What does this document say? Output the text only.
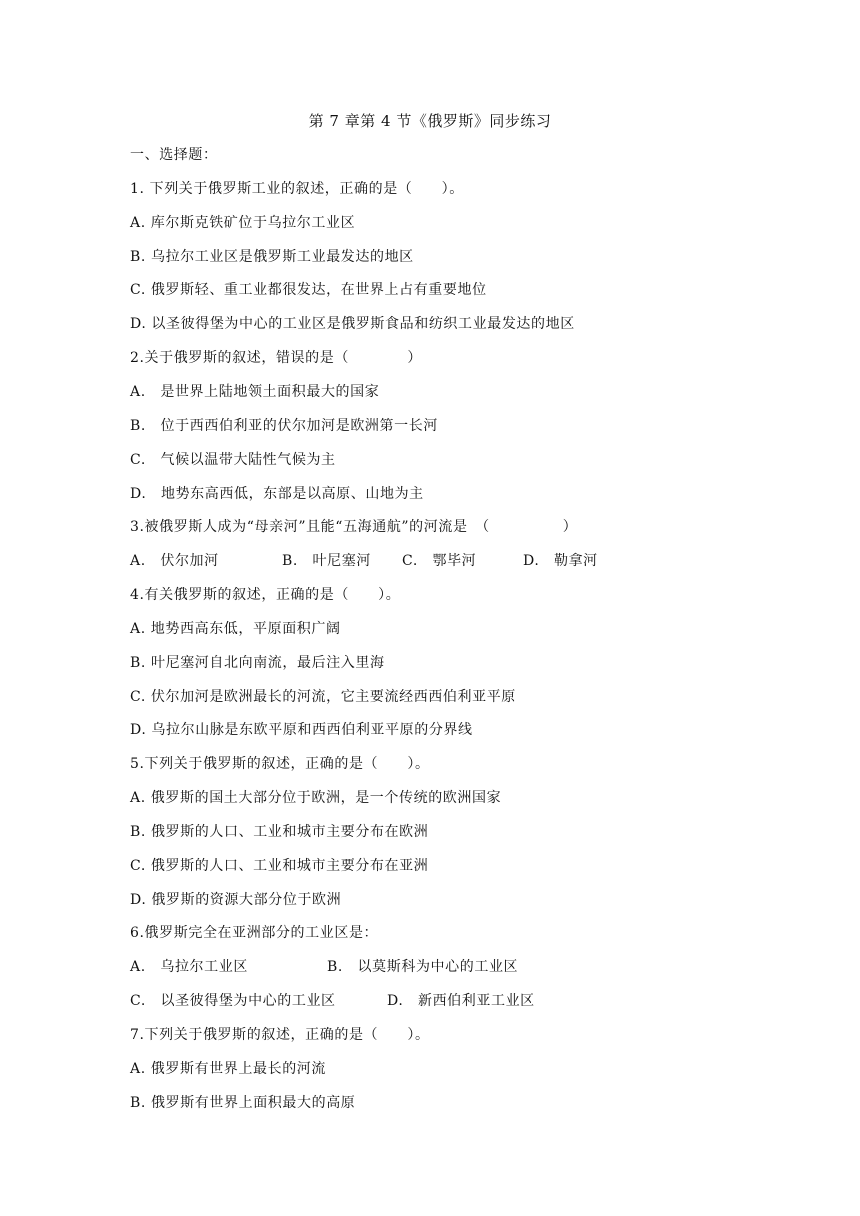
第 7 章第 4 节《俄罗斯》同步练习
一、选择题：
1. 下列关于俄罗斯工业的叙述，正确的是（　　）。
A. 库尔斯克铁矿位于乌拉尔工业区
B. 乌拉尔工业区是俄罗斯工业最发达的地区
C. 俄罗斯轻、重工业都很发达，在世界上占有重要地位
D. 以圣彼得堡为中心的工业区是俄罗斯食品和纺织工业最发达的地区
2.关于俄罗斯的叙述，错误的是（　　　　）
A.　是世界上陆地领土面积最大的国家
B.　位于西西伯利亚的伏尔加河是欧洲第一长河
C.　气候以温带大陆性气候为主
D.　地势东高西低，东部是以高原、山地为主
3.被俄罗斯人成为“母亲河”且能“五海通航”的河流是　（　　　　　）

A.　伏尔加河

	B.　叶尼塞河

C.　鄂毕河

	D.　勒拿河

4.有关俄罗斯的叙述，正确的是（　　）。
A. 地势西高东低，平原面积广阔
B. 叶尼塞河自北向南流，最后注入里海
C. 伏尔加河是欧洲最长的河流，它主要流经西西伯利亚平原
D. 乌拉尔山脉是东欧平原和西西伯利亚平原的分界线
5.下列关于俄罗斯的叙述，正确的是（　　）。
A. 俄罗斯的国土大部分位于欧洲，是一个传统的欧洲国家
B. 俄罗斯的人口、工业和城市主要分布在欧洲
C. 俄罗斯的人口、工业和城市主要分布在亚洲
D. 俄罗斯的资源大部分位于欧洲
6.俄罗斯完全在亚洲部分的工业区是：

A.　乌拉尔工业区

	B.　以莫斯科为中心的工业区

C.　以圣彼得堡为中心的工业区

	D.　新西伯利亚工业区

7.下列关于俄罗斯的叙述，正确的是（　　）。
A. 俄罗斯有世界上最长的河流
B. 俄罗斯有世界上面积最大的高原
